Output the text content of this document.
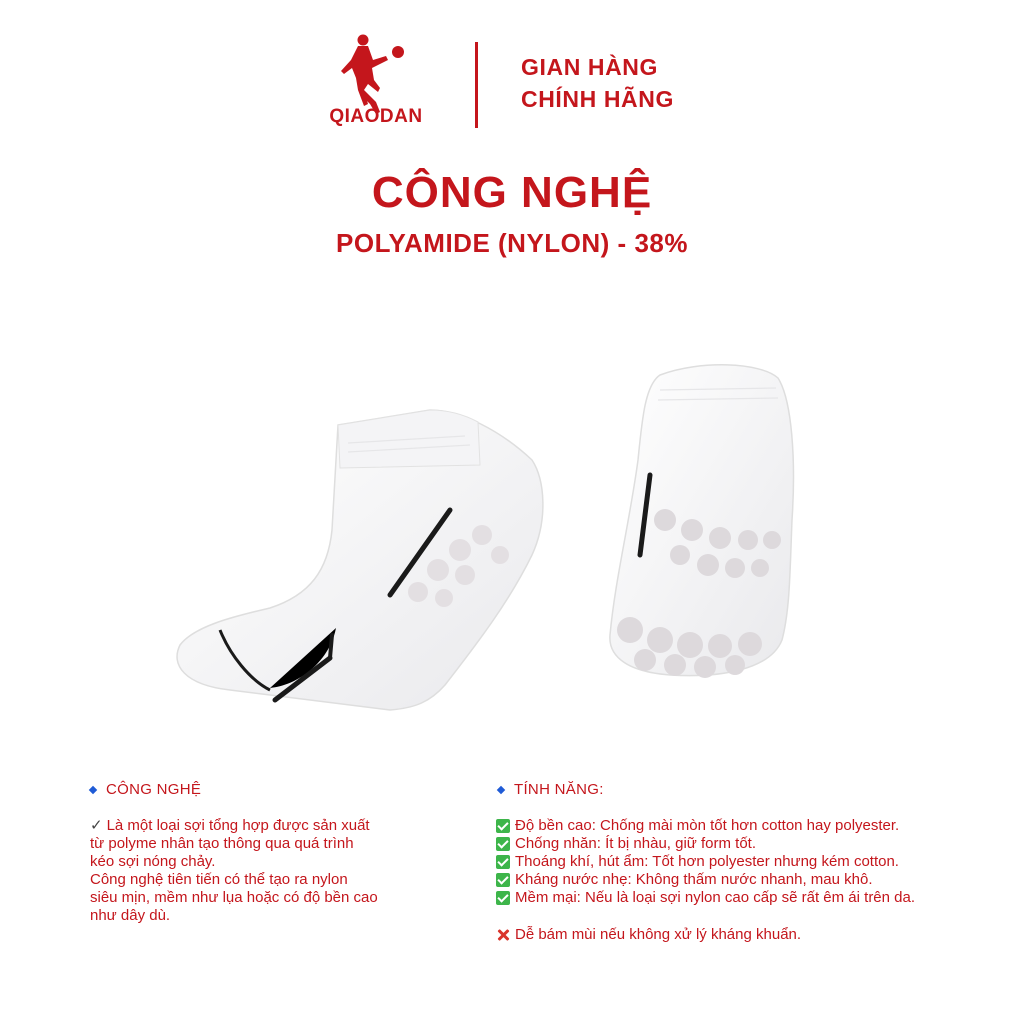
QIAODAN
GIAN HÀNG
CHÍNH HÃNG
CÔNG NGHỆ
POLYAMIDE (NYLON) - 38%
CÔNG NGHỆ

✓ Là một loại sợi tổng hợp được sản xuất

từ polyme nhân tạo thông qua quá trình

kéo sợi nóng chảy.

Công nghệ tiên tiến có thể tạo ra nylon

siêu mịn, mềm như lụa hoặc có độ bền cao

như dây dù.

TÍNH NĂNG:
Độ bền cao: Chống mài mòn tốt hơn cotton hay polyester.
Chống nhăn: Ít bị nhàu, giữ form tốt.
Thoáng khí, hút ẩm: Tốt hơn polyester nhưng kém cotton.
Kháng nước nhẹ: Không thấm nước nhanh, mau khô.
Mềm mại: Nếu là loại sợi nylon cao cấp sẽ rất êm ái trên da.
Dễ bám mùi nếu không xử lý kháng khuẩn.
